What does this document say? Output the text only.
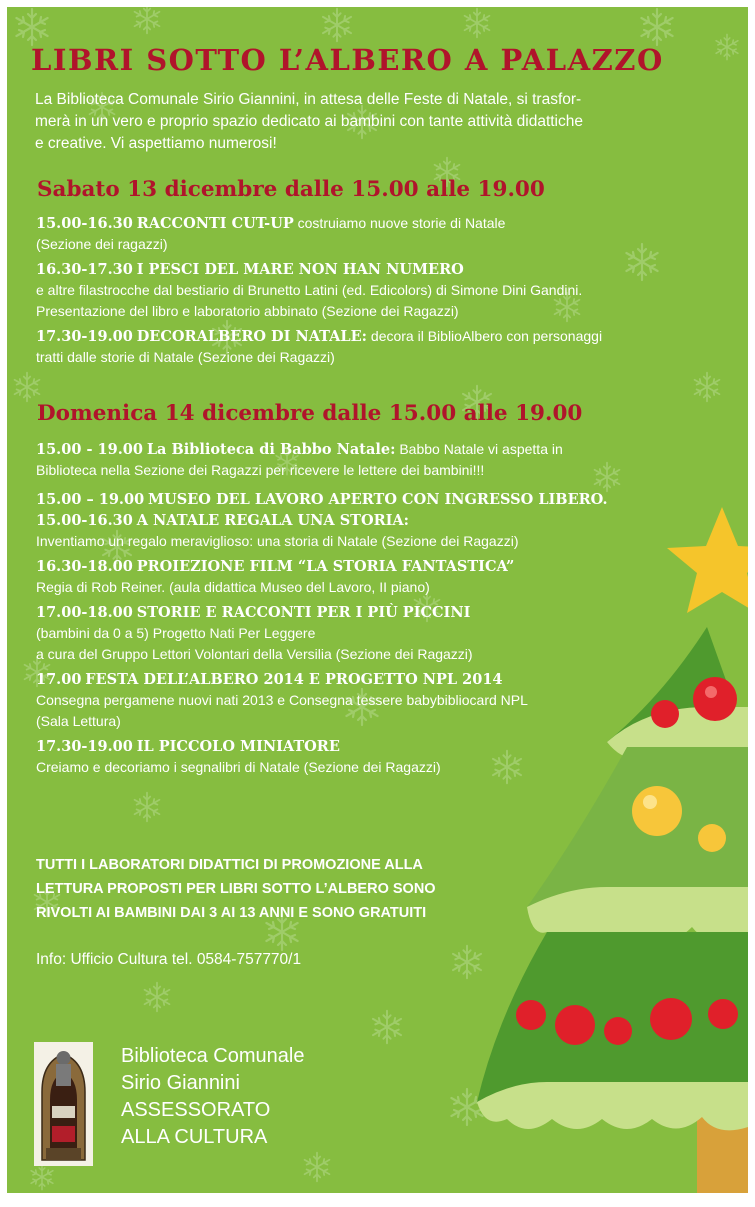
LIBRI SOTTO L’ALBERO A PALAZZO
La Biblioteca Comunale Sirio Giannini, in attesa delle Feste di Natale, si trasfor-
merà in un vero e proprio spazio dedicato ai bambini con tante attività didattiche
e creative. Vi aspettiamo numerosi!
Sabato 13 dicembre dalle 15.00 alle 19.00

15.00-16.30 RACCONTI CUT-UP costruiamo nuove storie di Natale

(Sezione dei ragazzi)

16.30-17.30 I PESCI DEL MARE NON HAN NUMERO

e altre filastrocche dal bestiario di Brunetto Latini (ed. Edicolors) di Simone Dini Gandini.

Presentazione del libro e laboratorio abbinato (Sezione dei Ragazzi)

17.30-19.00 DECORALBERO DI NATALE: decora il BiblioAlbero con personaggi

tratti dalle storie di Natale (Sezione dei Ragazzi)

Domenica 14 dicembre dalle 15.00 alle 19.00

15.00 - 19.00 La Biblioteca di Babbo Natale: Babbo Natale vi aspetta in

Biblioteca nella Sezione dei Ragazzi per ricevere le lettere dei bambini!!!

15.00 – 19.00 MUSEO DEL LAVORO APERTO CON INGRESSO LIBERO.

15.00-16.30 A NATALE REGALA UNA STORIA:

Inventiamo un regalo meraviglioso: una storia di Natale (Sezione dei Ragazzi)

16.30-18.00 PROIEZIONE FILM “LA STORIA FANTASTICA”

Regia di Rob Reiner. (aula didattica Museo del Lavoro, II piano)

17.00-18.00 STORIE E RACCONTI PER I PIÙ PICCINI

(bambini da 0 a 5) Progetto Nati Per Leggere

a cura del Gruppo Lettori Volontari della Versilia (Sezione dei Ragazzi)

17.00 FESTA DELL’ALBERO 2014 E PROGETTO NPL 2014

Consegna pergamene nuovi nati 2013 e Consegna tessere babybibliocard NPL

(Sala Lettura)

17.30-19.00 IL PICCOLO MINIATORE

Creiamo e decoriamo i segnalibri di Natale (Sezione dei Ragazzi)

TUTTI I LABORATORI DIDATTICI DI PROMOZIONE ALLA
LETTURA PROPOSTI PER LIBRI SOTTO L’ALBERO SONO
RIVOLTI AI BAMBINI DAI 3 AI 13 ANNI E SONO GRATUITI

Info: Ufficio Cultura tel. 0584-757770/1

Biblioteca Comunale
Sirio Giannini
ASSESSORATO
ALLA CULTURA
